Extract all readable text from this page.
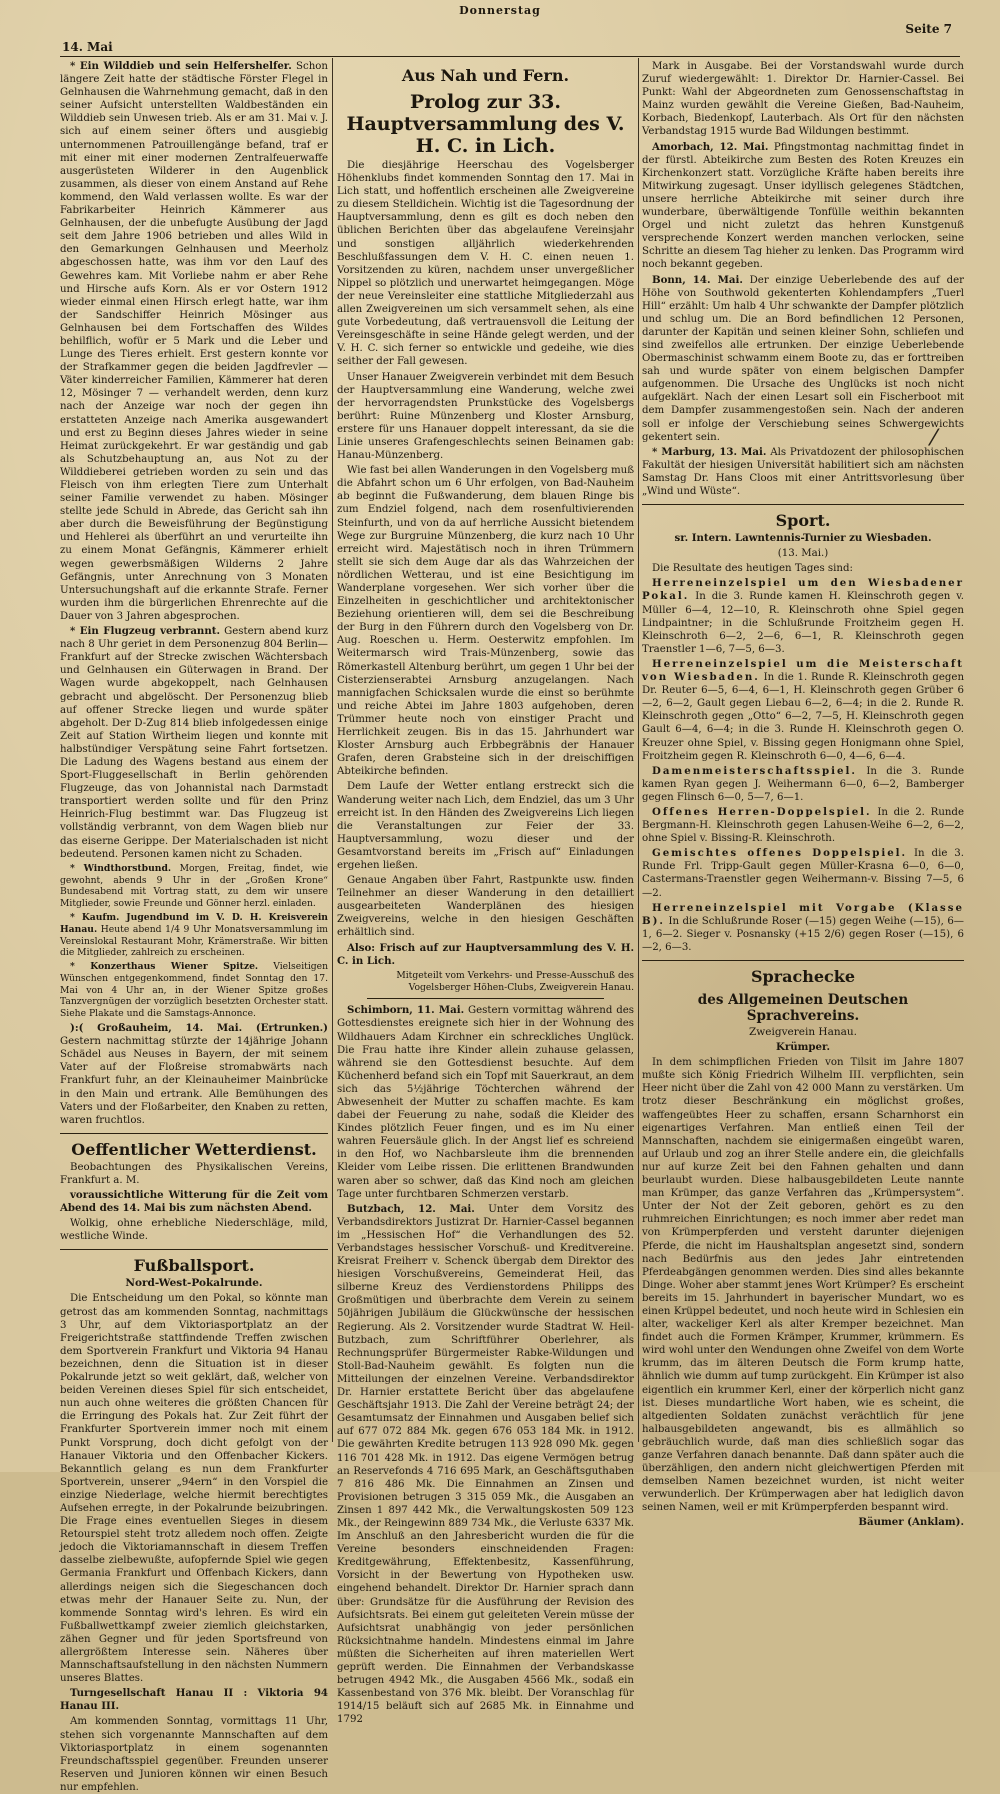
Donnerstag
14. Mai
Seite 7

* Ein Wilddieb und sein Helfershelfer. Schon längere Zeit hatte der städtische Förster Flegel in Gelnhausen die Wahrnehmung gemacht, daß in den seiner Aufsicht unterstellten Waldbeständen ein Wilddieb sein Unwesen trieb. Als er am 31. Mai v. J. sich auf einem seiner öfters und ausgiebig unternommenen Patrouillengänge befand, traf er mit einer mit einer modernen Zentralfeuerwaffe ausgerüsteten Wilderer in den Augenblick zusammen, als dieser von einem Anstand auf Rehe kommend, den Wald verlassen wollte. Es war der Fabrikarbeiter Heinrich Kämmerer aus Gelnhausen, der die unbefugte Ausübung der Jagd seit dem Jahre 1906 betrieben und alles Wild in den Gemarkungen Gelnhausen und Meerholz abgeschossen hatte, was ihm vor den Lauf des Gewehres kam. Mit Vorliebe nahm er aber Rehe und Hirsche aufs Korn. Als er vor Ostern 1912 wieder einmal einen Hirsch erlegt hatte, war ihm der Sandschiffer Heinrich Mösinger aus Gelnhausen bei dem Fortschaffen des Wildes behilflich, wofür er 5 Mark und die Leber und Lunge des Tieres erhielt. Erst gestern konnte vor der Strafkammer gegen die beiden Jagdfrevler — Väter kinderreicher Familien, Kämmerer hat deren 12, Mösinger 7 — verhandelt werden, denn kurz nach der Anzeige war noch der gegen ihn erstatteten Anzeige nach Amerika ausgewandert und erst zu Beginn dieses Jahres wieder in seine Heimat zurückgekehrt. Er war geständig und gab als Schutzbehauptung an, aus Not zu der Wilddieberei getrieben worden zu sein und das Fleisch von ihm erlegten Tiere zum Unterhalt seiner Familie verwendet zu haben. Mösinger stellte jede Schuld in Abrede, das Gericht sah ihn aber durch die Beweisführung der Begünstigung und Hehlerei als überführt an und verurteilte ihn zu einem Monat Gefängnis, Kämmerer erhielt wegen gewerbsmäßigen Wilderns 2 Jahre Gefängnis, unter Anrechnung von 3 Monaten Untersuchungshaft auf die erkannte Strafe. Ferner wurden ihm die bürgerlichen Ehrenrechte auf die Dauer von 3 Jahren abgesprochen.

* Ein Flugzeug verbrannt. Gestern abend kurz nach 8 Uhr geriet in dem Personenzug 804 Berlin—Frankfurt auf der Strecke zwischen Wächtersbach und Gelnhausen ein Güterwagen in Brand. Der Wagen wurde abgekoppelt, nach Gelnhausen gebracht und abgelöscht. Der Personenzug blieb auf offener Strecke liegen und wurde später abgeholt. Der D-Zug 814 blieb infolgedessen einige Zeit auf Station Wirtheim liegen und konnte mit halbstündiger Verspätung seine Fahrt fortsetzen. Die Ladung des Wagens bestand aus einem der Sport-Fluggesellschaft in Berlin gehörenden Flugzeuge, das von Johannistal nach Darmstadt transportiert werden sollte und für den Prinz Heinrich-Flug bestimmt war. Das Flugzeug ist vollständig verbrannt, von dem Wagen blieb nur das eiserne Gerippe. Der Materialschaden ist nicht bedeutend. Personen kamen nicht zu Schaden.

* Windthorstbund. Morgen, Freitag, findet, wie gewohnt, abends 9 Uhr in der „Großen Krone“ Bundesabend mit Vortrag statt, zu dem wir unsere Mitglieder, sowie Freunde und Gönner herzl. einladen.

* Kaufm. Jugendbund im V. D. H. Kreisverein Hanau. Heute abend 1/4 9 Uhr Monatsversammlung im Vereinslokal Restaurant Mohr, Krämerstraße. Wir bitten die Mitglieder, zahlreich zu erscheinen.

* Konzerthaus Wiener Spitze. Vielseitigen Wünschen entgegenkommend, findet Sonntag den 17. Mai von 4 Uhr an, in der Wiener Spitze großes Tanzvergnügen der vorzüglich besetzten Orchester statt. Siehe Plakate und die Samstags-Annonce.

):( Großauheim, 14. Mai. (Ertrunken.) Gestern nachmittag stürzte der 14jährige Johann Schädel aus Neuses in Bayern, der mit seinem Vater auf der Floßreise stromabwärts nach Frankfurt fuhr, an der Kleinauheimer Mainbrücke in den Main und ertrank. Alle Bemühungen des Vaters und der Floßarbeiter, den Knaben zu retten, waren fruchtlos.

Oeffentlicher Wetterdienst.

Beobachtungen des Physikalischen Vereins, Frankfurt a. M.

voraussichtliche Witterung für die Zeit vom Abend des 14. Mai bis zum nächsten Abend.

Wolkig, ohne erhebliche Niederschläge, mild, westliche Winde.

Fußballsport.

Nord-West-Pokalrunde.

Die Entscheidung um den Pokal, so könnte man getrost das am kommenden Sonntag, nachmittags 3 Uhr, auf dem Viktoriasportplatz an der Freigerichtstraße stattfindende Treffen zwischen dem Sportverein Frankfurt und Viktoria 94 Hanau bezeichnen, denn die Situation ist in dieser Pokalrunde jetzt so weit geklärt, daß, welcher von beiden Vereinen dieses Spiel für sich entscheidet, nun auch ohne weiteres die größten Chancen für die Erringung des Pokals hat. Zur Zeit führt der Frankfurter Sportverein immer noch mit einem Punkt Vorsprung, doch dicht gefolgt von der Hanauer Viktoria und den Offenbacher Kickers. Bekanntlich gelang es nun dem Frankfurter Sportverein, unserer „94ern“ in den Vorspiel die einzige Niederlage, welche hiermit berechtigtes Aufsehen erregte, in der Pokalrunde beizubringen. Die Frage eines eventuellen Sieges in diesem Retourspiel steht trotz alledem noch offen. Zeigte jedoch die Viktoriamannschaft in diesem Treffen dasselbe zielbewußte, aufopfernde Spiel wie gegen Germania Frankfurt und Offenbach Kickers, dann allerdings neigen sich die Siegeschancen doch etwas mehr der Hanauer Seite zu. Nun, der kommende Sonntag wird's lehren. Es wird ein Fußballwettkampf zweier ziemlich gleichstarken, zähen Gegner und für jeden Sportsfreund von allergrößtem Interesse sein. Näheres über Mannschaftsaufstellung in den nächsten Nummern unseres Blattes.

Turngesellschaft Hanau II : Viktoria 94 Hanau III.

Am kommenden Sonntag, vormittags 11 Uhr, stehen sich vorgenannte Mannschaften auf dem Viktoriasportplatz in einem sogenannten Freundschaftsspiel gegenüber. Freunden unserer Reserven und Junioren können wir einen Besuch nur empfehlen.

Aus Nah und Fern.
Prolog zur 33. Hauptversammlung des V. H. C. in Lich.

Die diesjährige Heerschau des Vogelsberger Höhenklubs findet kommenden Sonntag den 17. Mai in Lich statt, und hoffentlich erscheinen alle Zweigvereine zu diesem Stelldichein. Wichtig ist die Tagesordnung der Hauptversammlung, denn es gilt es doch neben den üblichen Berichten über das abgelaufene Vereinsjahr und sonstigen alljährlich wiederkehrenden Beschlußfassungen dem V. H. C. einen neuen 1. Vorsitzenden zu küren, nachdem unser unvergeßlicher Nippel so plötzlich und unerwartet heimgegangen. Möge der neue Vereinsleiter eine stattliche Mitgliederzahl aus allen Zweigvereinen um sich versammelt sehen, als eine gute Vorbedeutung, daß vertrauensvoll die Leitung der Vereinsgeschäfte in seine Hände gelegt werden, und der V. H. C. sich ferner so entwickle und gedeihe, wie dies seither der Fall gewesen.

Unser Hanauer Zweigverein verbindet mit dem Besuch der Hauptversammlung eine Wanderung, welche zwei der hervorragendsten Prunkstücke des Vogelsbergs berührt: Ruine Münzenberg und Kloster Arnsburg, erstere für uns Hanauer doppelt interessant, da sie die Linie unseres Grafengeschlechts seinen Beinamen gab: Hanau-Münzenberg.

Wie fast bei allen Wanderungen in den Vogelsberg muß die Abfahrt schon um 6 Uhr erfolgen, von Bad-Nauheim ab beginnt die Fußwanderung, dem blauen Ringe bis zum Endziel folgend, nach dem rosenfultivierenden Steinfurth, und von da auf herrliche Aussicht bietendem Wege zur Burgruine Münzenberg, die kurz nach 10 Uhr erreicht wird. Majestätisch noch in ihren Trümmern stellt sie sich dem Auge dar als das Wahrzeichen der nördlichen Wetterau, und ist eine Besichtigung im Wanderplane vorgesehen. Wer sich vorher über die Einzelheiten in geschichtlicher und architektonischer Beziehung orientieren will, dem sei die Beschreibung der Burg in den Führern durch den Vogelsberg von Dr. Aug. Roeschen u. Herm. Oesterwitz empfohlen. Im Weitermarsch wird Trais-Münzenberg, sowie das Römerkastell Altenburg berührt, um gegen 1 Uhr bei der Cisterzienserabtei Arnsburg anzugelangen. Nach mannigfachen Schicksalen wurde die einst so berühmte und reiche Abtei im Jahre 1803 aufgehoben, deren Trümmer heute noch von einstiger Pracht und Herrlichkeit zeugen. Bis in das 15. Jahrhundert war Kloster Arnsburg auch Erbbegräbnis der Hanauer Grafen, deren Grabsteine sich in der dreischiffigen Abteikirche befinden.

Dem Laufe der Wetter entlang erstreckt sich die Wanderung weiter nach Lich, dem Endziel, das um 3 Uhr erreicht ist. In den Händen des Zweigvereins Lich liegen die Veranstaltungen zur Feier der 33. Hauptversammlung, wozu dieser und der Gesamtvorstand bereits im „Frisch auf“ Einladungen ergehen ließen.

Genaue Angaben über Fahrt, Rastpunkte usw. finden Teilnehmer an dieser Wanderung in den detailliert ausgearbeiteten Wanderplänen des hiesigen Zweigvereins, welche in den hiesigen Geschäften erhältlich sind.

Also: Frisch auf zur Hauptversammlung des V. H. C. in Lich.

Mitgeteilt vom Verkehrs- und Presse-Ausschuß des Vogelsberger Höhen-Clubs, Zweigverein Hanau.

Schimborn, 11. Mai. Gestern vormittag während des Gottesdienstes ereignete sich hier in der Wohnung des Wildhauers Adam Kirchner ein schreckliches Unglück. Die Frau hatte ihre Kinder allein zuhause gelassen, während sie den Gottesdienst besuchte. Auf dem Küchenherd befand sich ein Topf mit Sauerkraut, an dem sich das 5½jährige Töchterchen während der Abwesenheit der Mutter zu schaffen machte. Es kam dabei der Feuerung zu nahe, sodaß die Kleider des Kindes plötzlich Feuer fingen, und es im Nu einer wahren Feuersäule glich. In der Angst lief es schreiend in den Hof, wo Nachbarsleute ihm die brennenden Kleider vom Leibe rissen. Die erlittenen Brandwunden waren aber so schwer, daß das Kind noch am gleichen Tage unter furchtbaren Schmerzen verstarb.

Butzbach, 12. Mai. Unter dem Vorsitz des Verbandsdirektors Justizrat Dr. Harnier-Cassel begannen im „Hessischen Hof“ die Verhandlungen des 52. Verbandstages hessischer Vorschuß- und Kreditvereine. Kreisrat Freiherr v. Schenck übergab dem Direktor des hiesigen Vorschußvereins, Gemeinderat Heil, das silberne Kreuz des Verdienstordens Philipps des Großmütigen und überbrachte dem Verein zu seinem 50jährigen Jubiläum die Glückwünsche der hessischen Regierung. Als 2. Vorsitzender wurde Stadtrat W. Heil-Butzbach, zum Schriftführer Oberlehrer, als Rechnungsprüfer Bürgermeister Rabke-Wildungen und Stoll-Bad-Nauheim gewählt. Es folgten nun die Mitteilungen der einzelnen Vereine. Verbandsdirektor Dr. Harnier erstattete Bericht über das abgelaufene Geschäftsjahr 1913. Die Zahl der Vereine beträgt 24; der Gesamtumsatz der Einnahmen und Ausgaben belief sich auf 677 072 884 Mk. gegen 676 053 184 Mk. in 1912. Die gewährten Kredite betrugen 113 928 090 Mk. gegen 116 701 428 Mk. in 1912. Das eigene Vermögen betrug an Reservefonds 4 716 695 Mark, an Geschäftsguthaben 7 816 486 Mk. Die Einnahmen an Zinsen und Provisionen betrugen 3 315 059 Mk., die Ausgaben an Zinsen 1 897 442 Mk., die Verwaltungskosten 509 123 Mk., der Reingewinn 889 734 Mk., die Verluste 6337 Mk. Im Anschluß an den Jahresbericht wurden die für die Vereine besonders einschneidenden Fragen: Kreditgewährung, Effektenbesitz, Kassenführung, Vorsicht in der Bewertung von Hypotheken usw. eingehend behandelt. Direktor Dr. Harnier sprach dann über: Grundsätze für die Ausführung der Revision des Aufsichtsrats. Bei einem gut geleiteten Verein müsse der Aufsichtsrat unabhängig von jeder persönlichen Rücksichtnahme handeln. Mindestens einmal im Jahre müßten die Sicherheiten auf ihren materiellen Wert geprüft werden. Die Einnahmen der Verbandskasse betrugen 4942 Mk., die Ausgaben 4566 Mk., sodaß ein Kassenbestand von 376 Mk. bleibt. Der Voranschlag für 1914/15 beläuft sich auf 2685 Mk. in Einnahme und 1792

Mark in Ausgabe. Bei der Vorstandswahl wurde durch Zuruf wiedergewählt: 1. Direktor Dr. Harnier-Cassel. Bei Punkt: Wahl der Abgeordneten zum Genossenschaftstag in Mainz wurden gewählt die Vereine Gießen, Bad-Nauheim, Korbach, Biedenkopf, Lauterbach. Als Ort für den nächsten Verbandstag 1915 wurde Bad Wildungen bestimmt.

Amorbach, 12. Mai. Pfingstmontag nachmittag findet in der fürstl. Abteikirche zum Besten des Roten Kreuzes ein Kirchenkonzert statt. Vorzügliche Kräfte haben bereits ihre Mitwirkung zugesagt. Unser idyllisch gelegenes Städtchen, unsere herrliche Abteikirche mit seiner durch ihre wunderbare, überwältigende Tonfülle weithin bekannten Orgel und nicht zuletzt das hehren Kunstgenuß versprechende Konzert werden manchen verlocken, seine Schritte an diesem Tag hieher zu lenken. Das Programm wird noch bekannt gegeben.

Bonn, 14. Mai. Der einzige Ueberlebende des auf der Höhe von Southwold gekenterten Kohlendampfers „Tuerl Hill“ erzählt: Um halb 4 Uhr schwankte der Dampfer plötzlich und schlug um. Die an Bord befindlichen 12 Personen, darunter der Kapitän und seinen kleiner Sohn, schliefen und sind zweifellos alle ertrunken. Der einzige Ueberlebende Obermaschinist schwamm einem Boote zu, das er forttreiben sah und wurde später von einem belgischen Dampfer aufgenommen. Die Ursache des Unglücks ist noch nicht aufgeklärt. Nach der einen Lesart soll ein Fischerboot mit dem Dampfer zusammengestoßen sein. Nach der anderen soll er infolge der Verschiebung seines Schwergewichts gekentert sein.

* Marburg, 13. Mai. Als Privatdozent der philosophischen Fakultät der hiesigen Universität habilitiert sich am nächsten Samstag Dr. Hans Cloos mit einer Antrittsvorlesung über „Wind und Wüste“.

Sport.

sr. Intern. Lawntennis-Turnier zu Wiesbaden.

(13. Mai.)

Die Resultate des heutigen Tages sind:

Herreneinzelspiel um den Wiesbadener Pokal. In die 3. Runde kamen H. Kleinschroth gegen v. Müller 6—4, 12—10, R. Kleinschroth ohne Spiel gegen Lindpaintner; in die Schlußrunde Froitzheim gegen H. Kleinschroth 6—2, 2—6, 6—1, R. Kleinschroth gegen Traenstler 1—6, 7—5, 6—3.

Herreneinzelspiel um die Meisterschaft von Wiesbaden. In die 1. Runde R. Kleinschroth gegen Dr. Reuter 6—5, 6—4, 6—1, H. Kleinschroth gegen Grüber 6—2, 6—2, Gault gegen Liebau 6—2, 6—4; in die 2. Runde R. Kleinschroth gegen „Otto“ 6—2, 7—5, H. Kleinschroth gegen Gault 6—4, 6—4; in die 3. Runde H. Kleinschroth gegen O. Kreuzer ohne Spiel, v. Bissing gegen Honigmann ohne Spiel, Froitzheim gegen R. Kleinschroth 6—0, 4—6, 6—4.

Damenmeisterschaftsspiel. In die 3. Runde kamen Ryan gegen J. Weihermann 6—0, 6—2, Bamberger gegen Flinsch 6—0, 5—7, 6—1.

Offenes Herren-Doppelspiel. In die 2. Runde Bergmann-H. Kleinschroth gegen Lahusen-Weihe 6—2, 6—2, ohne Spiel v. Bissing-R. Kleinschroth.

Gemischtes offenes Doppelspiel. In die 3. Runde Frl. Tripp-Gault gegen Müller-Krasna 6—0, 6—0, Castermans-Traenstler gegen Weihermann-v. Bissing 7—5, 6—2.

Herreneinzelspiel mit Vorgabe (Klasse B). In die Schlußrunde Roser (—15) gegen Weihe (—15), 6—1, 6—2. Sieger v. Posnansky (+15 2/6) gegen Roser (—15), 6—2, 6—3.

Sprachecke
des Allgemeinen Deutschen Sprachvereins.

Zweigverein Hanau.

Krümper.

In dem schimpflichen Frieden von Tilsit im Jahre 1807 mußte sich König Friedrich Wilhelm III. verpflichten, sein Heer nicht über die Zahl von 42 000 Mann zu verstärken. Um trotz dieser Beschränkung ein möglichst großes, waffengeübtes Heer zu schaffen, ersann Scharnhorst ein eigenartiges Verfahren. Man entließ einen Teil der Mannschaften, nachdem sie einigermaßen eingeübt waren, auf Urlaub und zog an ihrer Stelle andere ein, die gleichfalls nur auf kurze Zeit bei den Fahnen gehalten und dann beurlaubt wurden. Diese halbausgebildeten Leute nannte man Krümper, das ganze Verfahren das „Krümpersystem“. Unter der Not der Zeit geboren, gehört es zu den ruhmreichen Einrichtungen; es noch immer aber redet man von Krümperpferden und versteht darunter diejenigen Pferde, die nicht im Haushaltsplan angesetzt sind, sondern nach Bedürfnis aus den jedes Jahr eintretenden Pferdeabgängen genommen werden. Dies sind alles bekannte Dinge. Woher aber stammt jenes Wort Krümper? Es erscheint bereits im 15. Jahrhundert in bayerischer Mundart, wo es einen Krüppel bedeutet, und noch heute wird in Schlesien ein alter, wackeliger Kerl als alter Kremper bezeichnet. Man findet auch die Formen Krämper, Krummer, krümmern. Es wird wohl unter den Wendungen ohne Zweifel von dem Worte krumm, das im älteren Deutsch die Form krump hatte, ähnlich wie dumm auf tump zurückgeht. Ein Krümper ist also eigentlich ein krummer Kerl, einer der körperlich nicht ganz ist. Dieses mundartliche Wort haben, wie es scheint, die altgedienten Soldaten zunächst verächtlich für jene halbausgebildeten angewandt, bis es allmählich so gebräuchlich wurde, daß man dies schließlich sogar das ganze Verfahren danach benannte. Daß dann später auch die überzähligen, den andern nicht gleichwertigen Pferden mit demselben Namen bezeichnet wurden, ist nicht weiter verwunderlich. Der Krümperwagen aber hat lediglich davon seinen Namen, weil er mit Krümperpferden bespannt wird.

Bäumer (Anklam).

⁄
